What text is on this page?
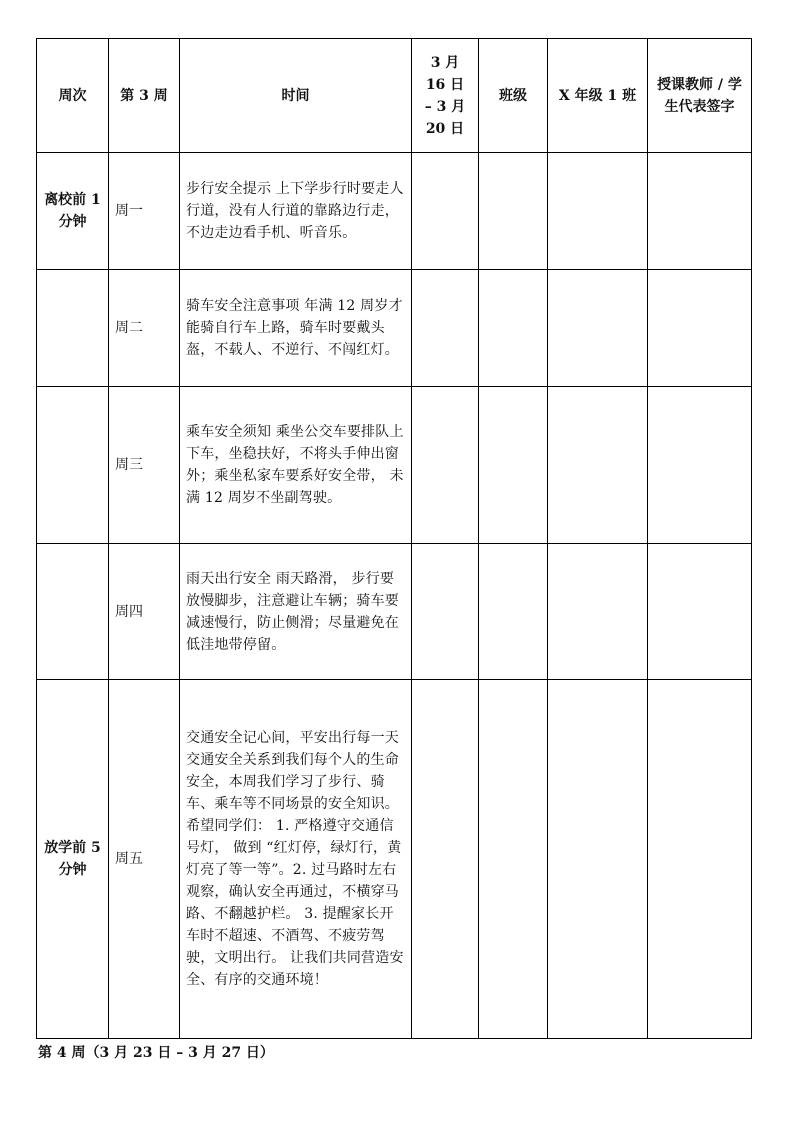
周次	第 3 周	时间	3 月
16 日
– 3 月
20 日	班级	X 年级 1 班	授课教师 / 学生代表签字
离校前 1 分钟	周一	步行安全提示 上下学步行时要走人行道，没有人行道的靠路边行走，不边走边看手机、听音乐。				
	周二	骑车安全注意事项 年满 12 周岁才能骑自行车上路，骑车时要戴头盔，不载人、不逆行、不闯红灯。				
	周三	乘车安全须知 乘坐公交车要排队上下车，坐稳扶好，不将头手伸出窗外；乘坐私家车要系好安全带， 未满 12 周岁不坐副驾驶。				
	周四	雨天出行安全 雨天路滑， 步行要放慢脚步，注意避让车辆；骑车要减速慢行，防止侧滑；尽量避免在低洼地带停留。				
放学前 5 分钟	周五	交通安全记心间，平安出行每一天 交通安全关系到我们每个人的生命安全，本周我们学习了步行、骑车、乘车等不同场景的安全知识。希望同学们： 1. 严格遵守交通信号灯， 做到 “红灯停，绿灯行，黄灯亮了等一等”。2. 过马路时左右观察，确认安全再通过，不横穿马路、不翻越护栏。 3. 提醒家长开车时不超速、不酒驾、不疲劳驾驶，文明出行。 让我们共同营造安全、有序的交通环境！				
第 4 周（3 月 23 日 – 3 月 27 日）
